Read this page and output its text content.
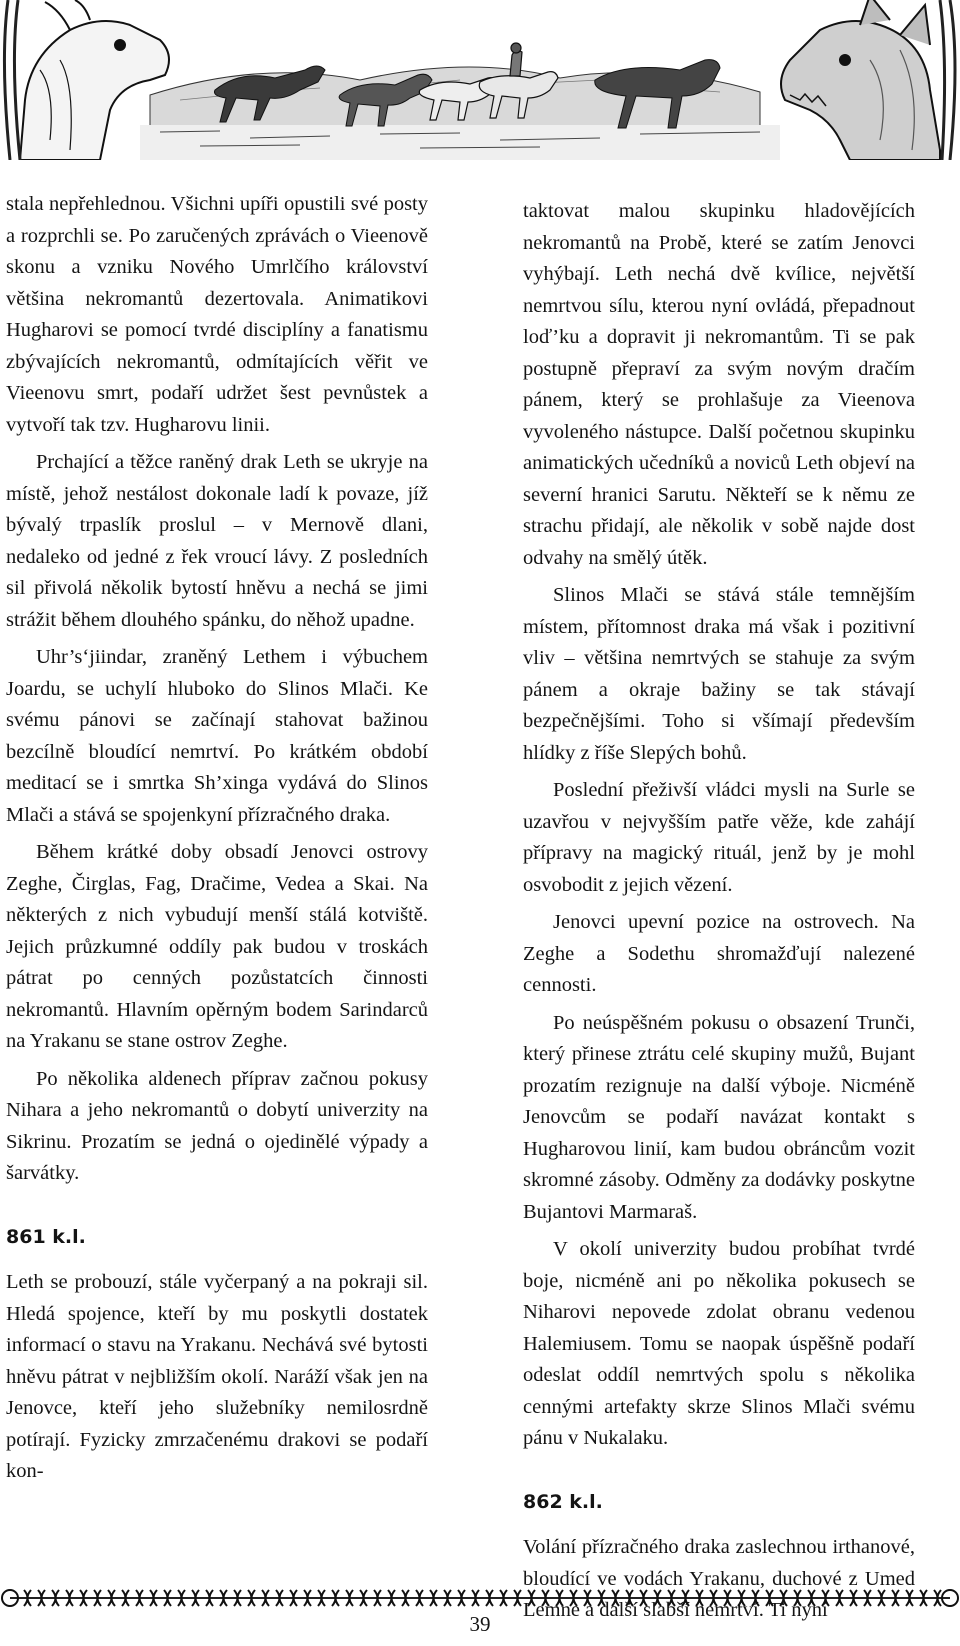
stala nepřehlednou. Všichni upíři opustili své posty a rozprchli se. Po zaručených zprávách o Vieenově skonu a vzniku Nového Umrlčího království většina nekromantů dezertovala. Animatikovi Hugharovi se pomocí tvrdé disciplíny a fanatismu zbývajících nekromantů, odmítajících věřit ve Vieenovu smrt, podaří udržet šest pevnůstek a vytvoří tak tzv. Hugharovu linii.

Prchající a těžce raněný drak Leth se ukryje na místě, jehož nestálost dokonale ladí k povaze, jíž bývalý trpaslík proslul – v Mernově dlani, nedaleko od jedné z řek vroucí lávy. Z posledních sil přivolá několik bytostí hněvu a nechá se jimi strážit během dlouhého spánku, do něhož upadne.

Uhr’s‘jiindar, zraněný Lethem i výbuchem Joardu, se uchylí hluboko do Slinos Mlači. Ke svému pánovi se začínají stahovat bažinou bezcílně bloudící nemrtví. Po krátkém období meditací se i smrtka Sh’xinga vydává do Slinos Mlači a stává se spojenkyní přízračného draka.

Během krátké doby obsadí Jenovci ostrovy Zeghe, Čirglas, Fag, Dračime, Vedea a Skai. Na některých z nich vybudují menší stálá kotviště. Jejich průzkumné oddíly pak budou v troskách pátrat po cenných pozůstatcích činnosti nekromantů. Hlavním opěrným bodem Sarindarců na Yrakanu se stane ostrov Zeghe.

Po několika aldenech příprav začnou pokusy Nihara a jeho nekromantů o dobytí univerzity na Sikrinu. Prozatím se jedná o ojedinělé výpady a šarvátky.

861 k.l.

Leth se probouzí, stále vyčerpaný a na pokraji sil. Hledá spojence, kteří by mu poskytli dostatek informací o stavu na Yrakanu. Nechává své bytosti hněvu pátrat v nejbližším okolí. Naráží však jen na Jenovce, kteří jeho služebníky nemilosrdně potírají. Fyzicky zmrzačenému drakovi se podaří kon-

taktovat malou skupinku hladovějících nekromantů na Probě, které se zatím Jenovci vyhýbají. Leth nechá dvě kvílice, největší nemrtvou sílu, kterou nyní ovládá, přepadnout loď’ku a dopravit ji nekromantům. Ti se pak postupně přepraví za svým novým dračím pánem, který se prohlašuje za Vieenova vyvoleného nástupce. Další početnou skupinku animatických učedníků a noviců Leth objeví na severní hranici Sarutu. Někteří se k němu ze strachu přidají, ale několik v sobě najde dost odvahy na smělý útěk.

Slinos Mlači se stává stále temnějším místem, přítomnost draka má však i pozitivní vliv – většina nemrtvých se stahuje za svým pánem a okraje bažiny se tak stávají bezpečnějšími. Toho si všímají především hlídky z říše Slepých bohů.

Poslední přeživší vládci mysli na Surle se uzavřou v nejvyšším patře věže, kde zahájí přípravy na magický rituál, jenž by je mohl osvobodit z jejich vězení.

Jenovci upevní pozice na ostrovech. Na Zeghe a Sodethu shromažďují nalezené cennosti.

Po neúspěšném pokusu o obsazení Trunči, který přinese ztrátu celé skupiny mužů, Bujant prozatím rezignuje na další výboje. Nicméně Jenovcům se podaří navázat kontakt s Hugharovou linií, kam budou obráncům vozit skromné zásoby. Odměny za dodávky poskytne Bujantovi Marmaraš.

V okolí univerzity budou probíhat tvrdé boje, nicméně ani po několika pokusech se Niharovi nepovede zdolat obranu vedenou Halemiusem. Tomu se naopak úspěšně podaří odeslat oddíl nemrtvých spolu s několika cennými artefakty skrze Slinos Mlači svému pánu v Nukalaku.

862 k.l.

Volání přízračného draka zaslechnou irthanové, bloudící ve vodách Yrakanu, duchové z Umed Lemne a další slabší nemrtví. Ti nyní

39
